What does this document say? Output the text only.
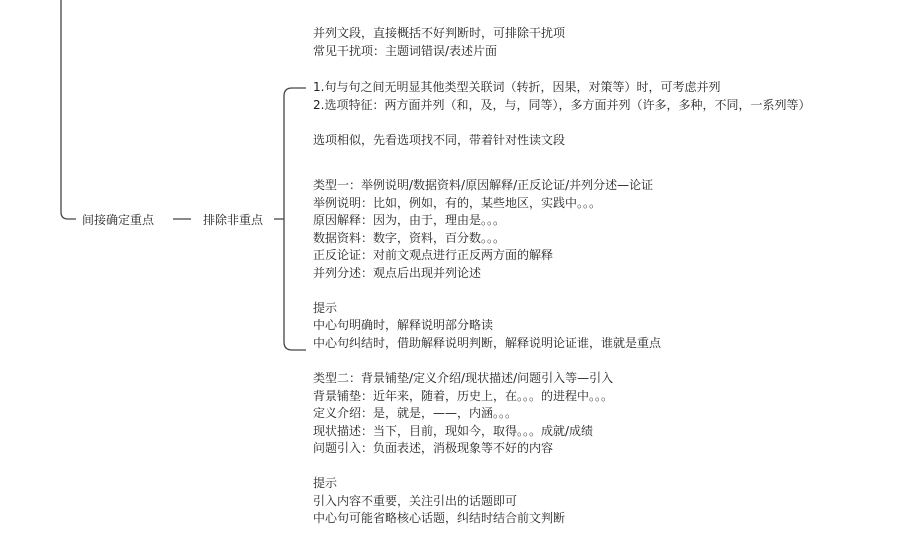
间接确定重点	排除非重点
并列文段，直接概括不好判断时，可排除干扰项
常见干扰项：主题词错误/表述片面
1.句与句之间无明显其他类型关联词（转折，因果，对策等）时，可考虑并列
2.选项特征：两方面并列（和，及，与，同等），多方面并列（许多，多种，不同，一系列等）
选项相似，先看选项找不同，带着针对性读文段
类型一：举例说明/数据资料/原因解释/正反论证/并列分述—论证
举例说明：比如，例如，有的，某些地区，实践中。。。
原因解释：因为，由于，理由是。。。
数据资料：数字，资料，百分数。。。
正反论证：对前文观点进行正反两方面的解释
并列分述：观点后出现并列论述
提示
中心句明确时，解释说明部分略读
中心句纠结时，借助解释说明判断，解释说明论证谁，谁就是重点
类型二：背景铺垫/定义介绍/现状描述/问题引入等—引入
背景铺垫：近年来，随着，历史上，在。。。的进程中。。。
定义介绍：是，就是，——，内涵。。。
现状描述：当下，目前，现如今，取得。。。成就/成绩
问题引入：负面表述，消极现象等不好的内容
提示
引入内容不重要，关注引出的话题即可
中心句可能省略核心话题，纠结时结合前文判断
